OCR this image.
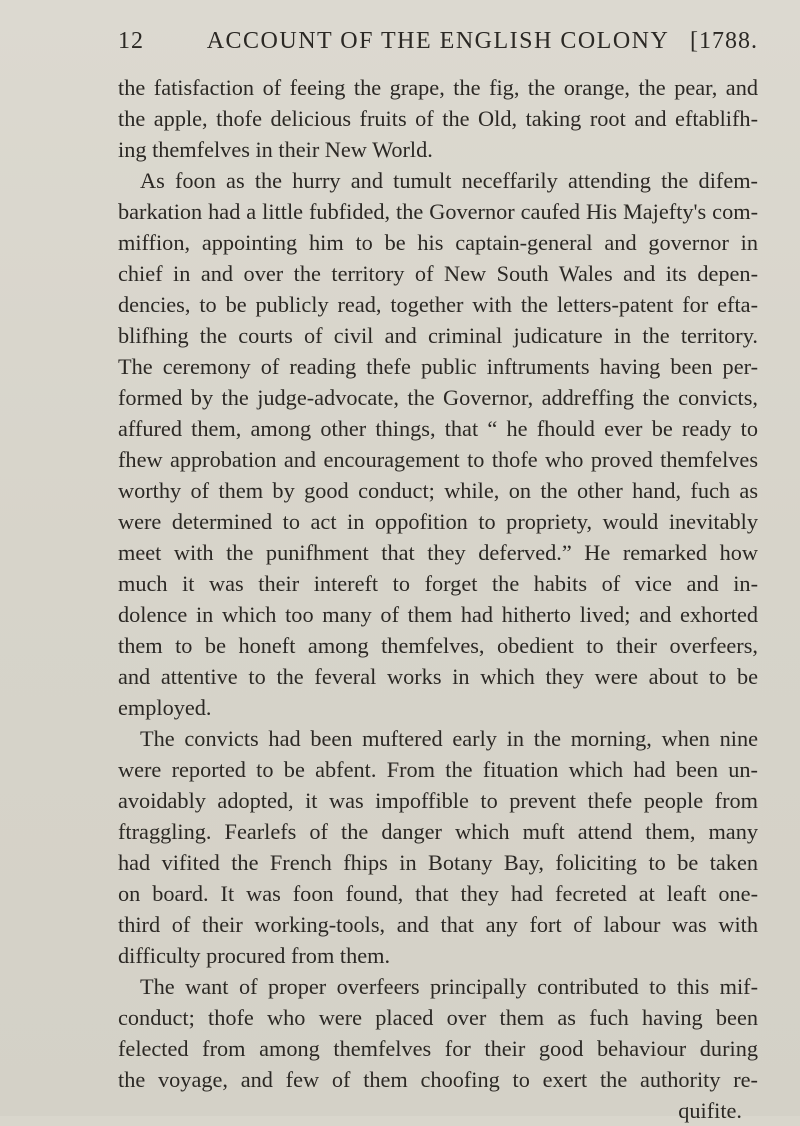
12	ACCOUNT OF THE ENGLISH COLONY [1788.
the fatisfaction of feeing the grape, the fig, the orange, the pear, and
the apple, thofe delicious fruits of the Old, taking root and eftablifh-
ing themfelves in their New World.
As foon as the hurry and tumult neceffarily attending the difem-
barkation had a little fubfided, the Governor caufed His Majefty's com-
miffion, appointing him to be his captain-general and governor in
chief in and over the territory of New South Wales and its depen-
dencies, to be publicly read, together with the letters-patent for efta-
blifhing the courts of civil and criminal judicature in the territory.
The ceremony of reading thefe public inftruments having been per-
formed by the judge-advocate, the Governor, addreffing the convicts,
affured them, among other things, that “ he fhould ever be ready to
fhew approbation and encouragement to thofe who proved themfelves
worthy of them by good conduct; while, on the other hand, fuch as
were determined to act in oppofition to propriety, would inevitably
meet with the punifhment that they deferved.” He remarked how
much it was their intereft to forget the habits of vice and in-
dolence in which too many of them had hitherto lived; and exhorted
them to be honeft among themfelves, obedient to their overfeers,
and attentive to the feveral works in which they were about to be
employed.
The convicts had been muftered early in the morning, when nine
were reported to be abfent. From the fituation which had been un-
avoidably adopted, it was impoffible to prevent thefe people from
ftraggling. Fearlefs of the danger which muft attend them, many
had vifited the French fhips in Botany Bay, foliciting to be taken
on board. It was foon found, that they had fecreted at leaft one-
third of their working-tools, and that any fort of labour was with
difficulty procured from them.
The want of proper overfeers principally contributed to this mif-
conduct; thofe who were placed over them as fuch having been
felected from among themfelves for their good behaviour during
the voyage, and few of them choofing to exert the authority re-
quifite.
